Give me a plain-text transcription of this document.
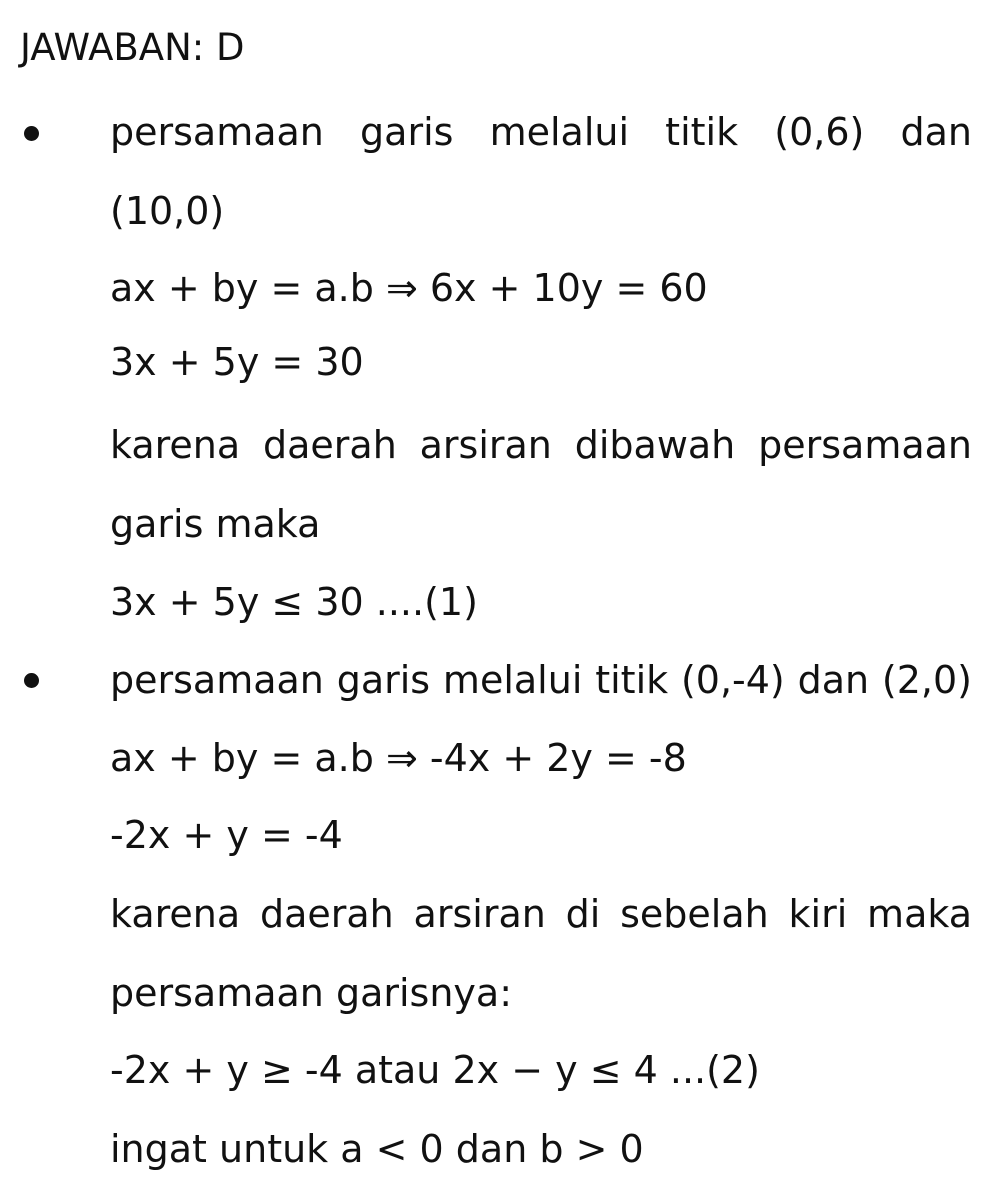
JAWABAN: D
persamaan garis melalui titik (0,6) dan
(10,0)
ax + by = a.b ⇒ 6x + 10y = 60
3x + 5y = 30
karena daerah arsiran dibawah persamaan
garis maka
3x + 5y ≤ 30 ....(1)
persamaan garis melalui titik (0,-4) dan (2,0)
ax + by = a.b ⇒ -4x + 2y = -8
-2x + y = -4
karena daerah arsiran di sebelah kiri maka
persamaan garisnya:
-2x + y ≥ -4 atau 2x − y ≤ 4 ...(2)
ingat untuk a < 0 dan b > 0
